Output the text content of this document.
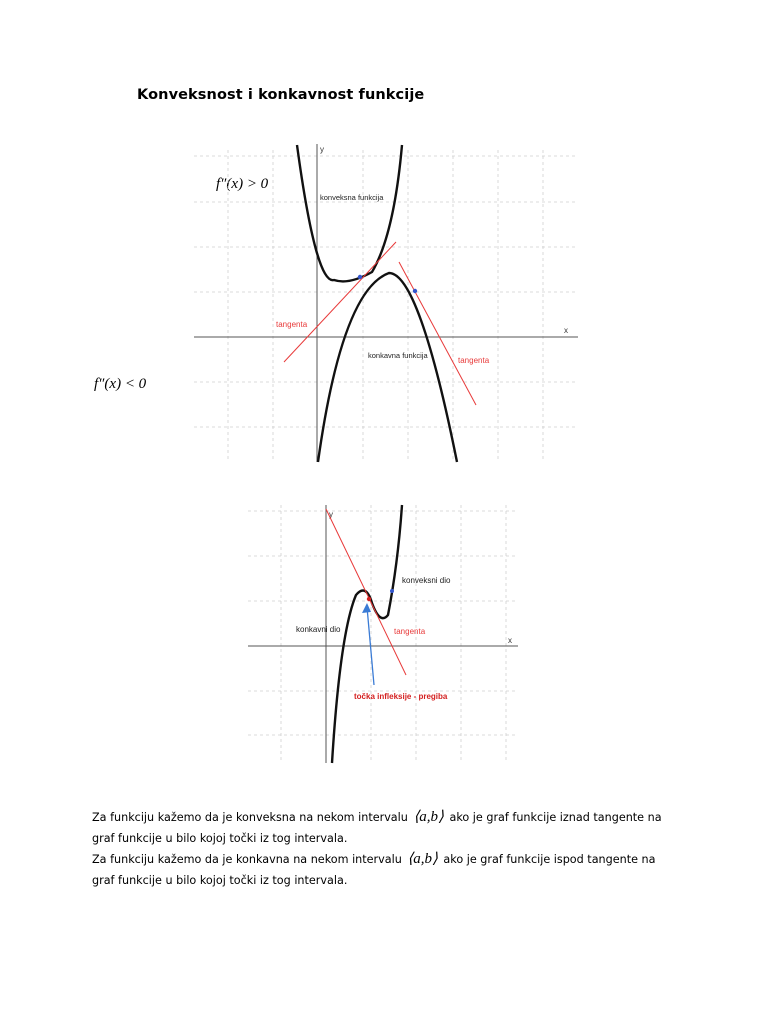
Konveksnost i konkavnost funkcije
f″(x) > 0
f″(x) < 0
x
y
konveksna funkcija
konkavna funkcija
tangenta
tangenta
x
y
konveksni dio
konkavni dio	tangenta
točka infleksije - pregiba
Za funkciju kažemo da je konveksna na nekom intervalu ⟨a,b⟩ ako je graf funkcije iznad tangente na
graf funkcije u bilo kojoj točki iz tog intervala.
Za funkciju kažemo da je konkavna na nekom intervalu ⟨a,b⟩ ako je graf funkcije ispod tangente na
graf funkcije u bilo kojoj točki iz tog intervala.
